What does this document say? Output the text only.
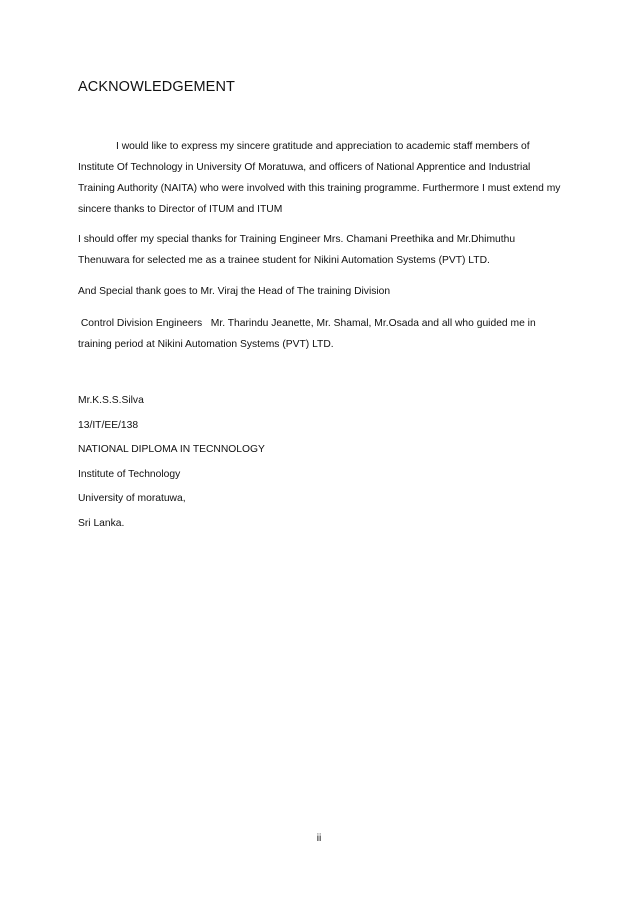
ACKNOWLEDGEMENT

I would like to express my sincere gratitude and appreciation to academic staff members of Institute Of Technology in University Of Moratuwa, and officers of National Apprentice and Industrial Training Authority (NAITA) who were involved with this training programme. Furthermore I must extend my sincere thanks to Director of ITUM and ITUM

I should offer my special thanks for Training Engineer Mrs. Chamani Preethika and Mr.Dhimuthu Thenuwara for selected me as a trainee student for Nikini Automation Systems (PVT) LTD.

And Special thank goes to Mr. Viraj the Head of The training Division

Control Division Engineers   Mr. Tharindu Jeanette, Mr. Shamal, Mr.Osada and all who guided me in training period at Nikini Automation Systems (PVT) LTD.

Mr.K.S.S.Silva
13/IT/EE/138
NATIONAL DIPLOMA IN TECNNOLOGY
Institute of Technology
University of moratuwa,
Sri Lanka.
ii
